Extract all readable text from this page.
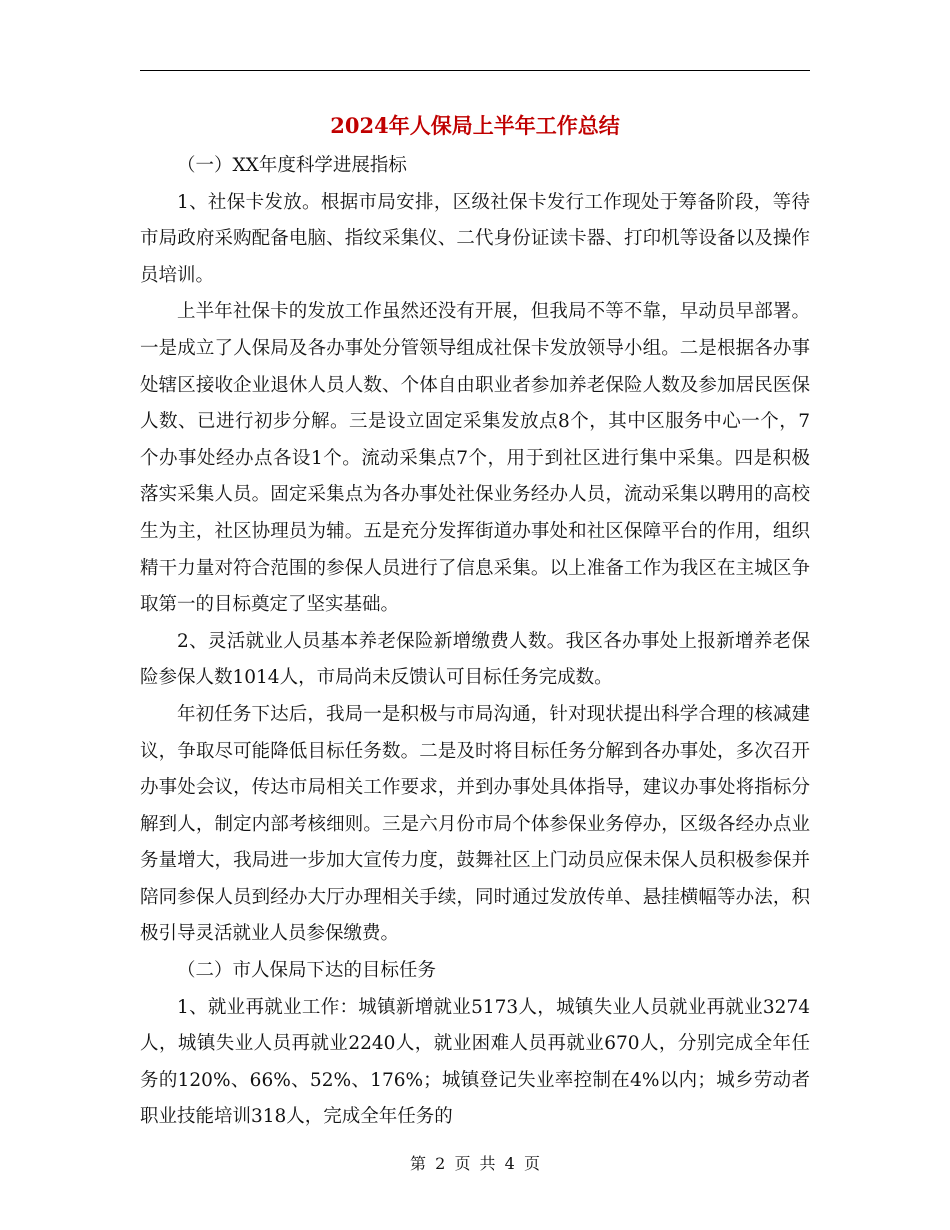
2024年人保局上半年工作总结

（一）XX年度科学进展指标

1、社保卡发放。根据市局安排，区级社保卡发行工作现处于筹备阶段，等待市局政府采购配备电脑、指纹采集仪、二代身份证读卡器、打印机等设备以及操作员培训。

上半年社保卡的发放工作虽然还没有开展，但我局不等不靠，早动员早部署。一是成立了人保局及各办事处分管领导组成社保卡发放领导小组。二是根据各办事处辖区接收企业退休人员人数、个体自由职业者参加养老保险人数及参加居民医保人数、已进行初步分解。三是设立固定采集发放点8个，其中区服务中心一个，7个办事处经办点各设1个。流动采集点7个，用于到社区进行集中采集。四是积极落实采集人员。固定采集点为各办事处社保业务经办人员，流动采集以聘用的高校生为主，社区协理员为辅。五是充分发挥街道办事处和社区保障平台的作用，组织精干力量对符合范围的参保人员进行了信息采集。以上准备工作为我区在主城区争取第一的目标奠定了坚实基础。

2、灵活就业人员基本养老保险新增缴费人数。我区各办事处上报新增养老保险参保人数1014人，市局尚未反馈认可目标任务完成数。

年初任务下达后，我局一是积极与市局沟通，针对现状提出科学合理的核减建议，争取尽可能降低目标任务数。二是及时将目标任务分解到各办事处，多次召开办事处会议，传达市局相关工作要求，并到办事处具体指导，建议办事处将指标分解到人，制定内部考核细则。三是六月份市局个体参保业务停办，区级各经办点业务量增大，我局进一步加大宣传力度，鼓舞社区上门动员应保未保人员积极参保并陪同参保人员到经办大厅办理相关手续，同时通过发放传单、悬挂横幅等办法，积极引导灵活就业人员参保缴费。

（二）市人保局下达的目标任务

1、就业再就业工作：城镇新增就业5173人，城镇失业人员就业再就业3274人，城镇失业人员再就业2240人，就业困难人员再就业670人，分别完成全年任务的120%、66%、52%、176%；城镇登记失业率控制在4%以内；城乡劳动者职业技能培训318人，完成全年任务的

第 2 页 共 4 页
